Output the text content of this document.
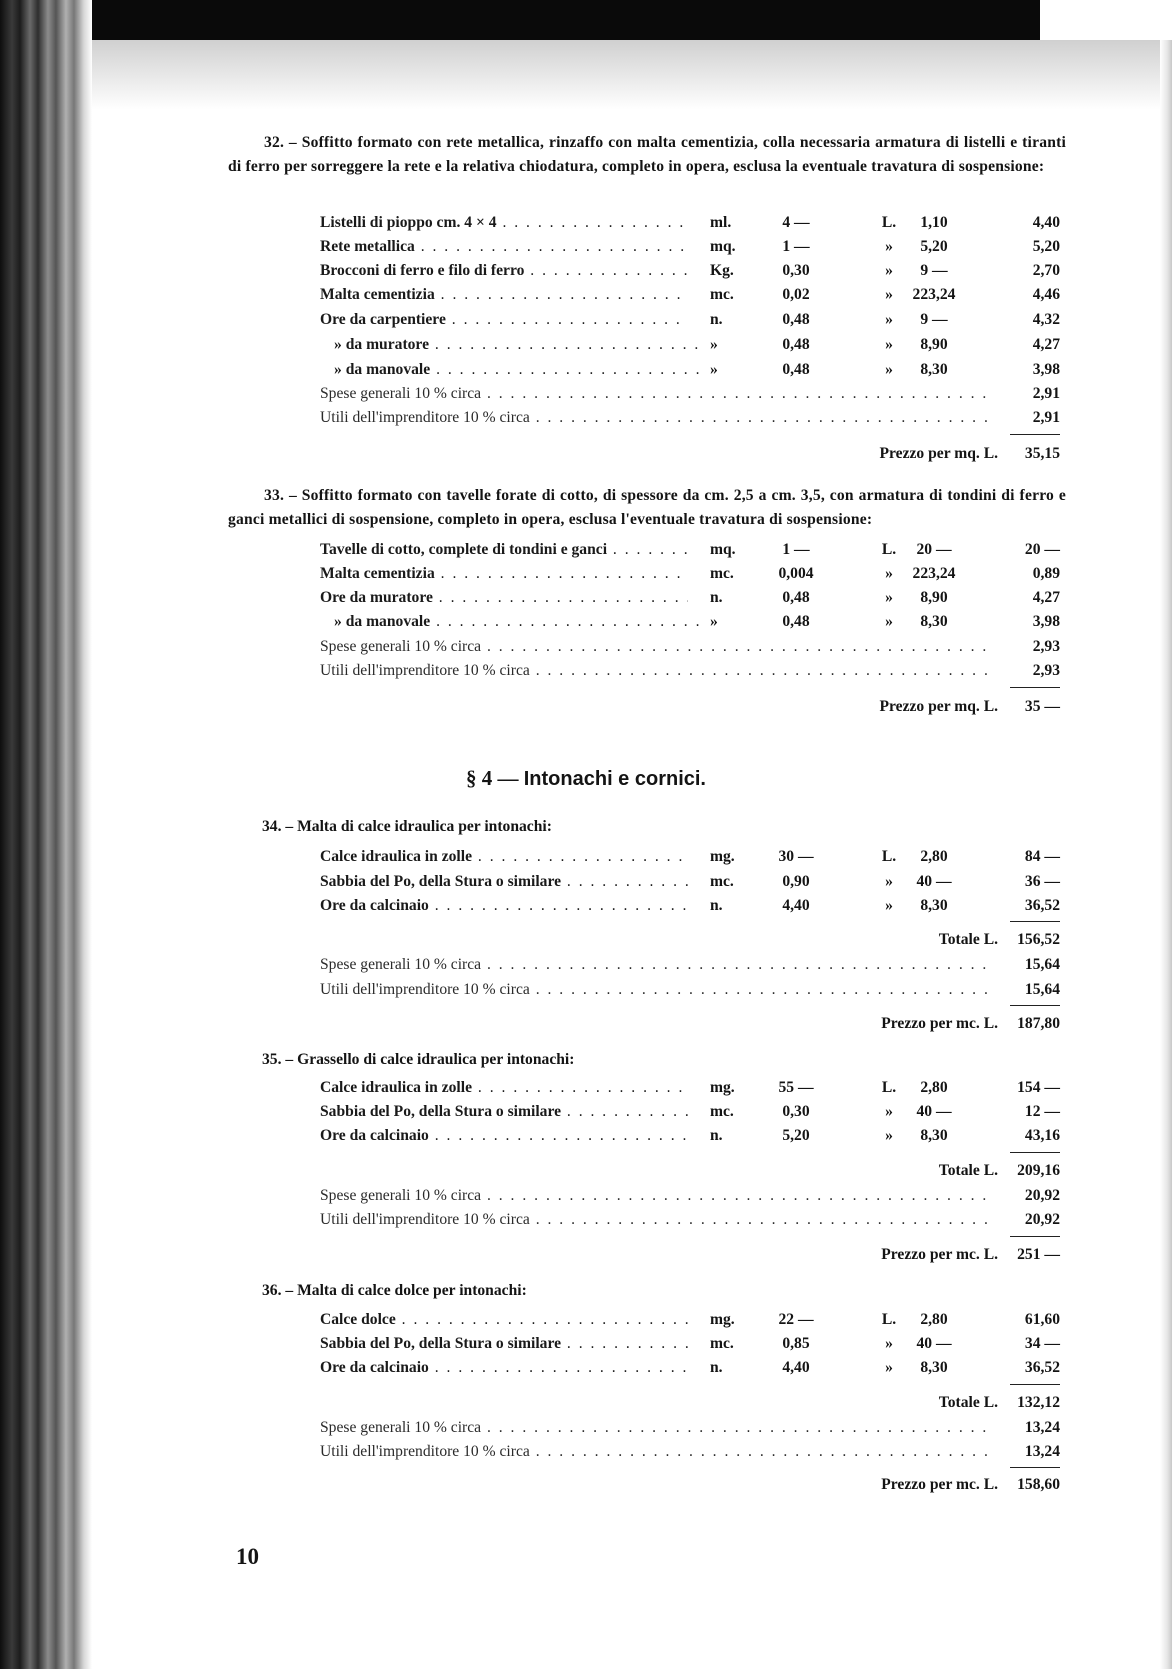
32. – Soffitto formato con rete metallica, rinzaffo con malta cementizia, colla necessaria armatura di listelli e tiranti di ferro per sorreggere la rete e la relativa chiodatura, completo in opera, esclusa la eventuale travatura di sospensione:
Listelli di pioppo cm. 4 × 4 . . .	ml.	4 —	L.	1,10	4,40
Rete metallica . . .	mq.	1 —	»	5,20	5,20
Brocconi di ferro e filo di ferro . . .	Kg.	0,30	»	9 —	2,70
Malta cementizia . . .	mc.	0,02	»	223,24	4,46
Ore da carpentiere . . .	n.	0,48	»	9 —	4,32
» da muratore . . .	»	0,48	»	8,90	4,27
» da manovale . . .	»	0,48	»	8,30	3,98
Spese generali 10 % circa . . .	2,91
Utili dell'imprenditore 10 % circa . . .	2,91
Prezzo per mq. L.	35,15
33. – Soffitto formato con tavelle forate di cotto, di spessore da cm. 2,5 a cm. 3,5, con armatura di tondini di ferro e ganci metallici di sospensione, completo in opera, esclusa l'eventuale travatura di sospensione:
Tavelle di cotto, complete di tondini e ganci . . .	mq.	1 —	L.	20 —	20 —
Malta cementizia . . .	mc.	0,004	»	223,24	0,89
Ore da muratore . . .	n.	0,48	»	8,90	4,27
» da manovale . . .	»	0,48	»	8,30	3,98
Spese generali 10 % circa . . .	2,93
Utili dell'imprenditore 10 % circa . . .	2,93
Prezzo per mq. L.	35 —
§ 4 — Intonachi e cornici.
34. – Malta di calce idraulica per intonachi:
Calce idraulica in zolle . . .	mg.	30 —	L.	2,80	84 —
Sabbia del Po, della Stura o similare . . .	mc.	0,90	»	40 —	36 —
Ore da calcinaio . . .	n.	4,40	»	8,30	36,52
Totale L.	156,52
Spese generali 10 % circa . . .	15,64
Utili dell'imprenditore 10 % circa . . .	15,64
Prezzo per mc. L.	187,80
35. – Grassello di calce idraulica per intonachi:
Calce idraulica in zolle . . .	mg.	55 —	L.	2,80	154 —
Sabbia del Po, della Stura o similare . . .	mc.	0,30	»	40 —	12 —
Ore da calcinaio . . .	n.	5,20	»	8,30	43,16
Totale L.	209,16
Spese generali 10 % circa . . .	20,92
Utili dell'imprenditore 10 % circa . . .	20,92
Prezzo per mc. L.	251 —
36. – Malta di calce dolce per intonachi:
Calce dolce . . .	mg.	22 —	L.	2,80	61,60
Sabbia del Po, della Stura o similare . . .	mc.	0,85	»	40 —	34 —
Ore da calcinaio . . .	n.	4,40	»	8,30	36,52
Totale L.	132,12
Spese generali 10 % circa . . .	13,24
Utili dell'imprenditore 10 % circa . . .	13,24
Prezzo per mc. L.	158,60
10
